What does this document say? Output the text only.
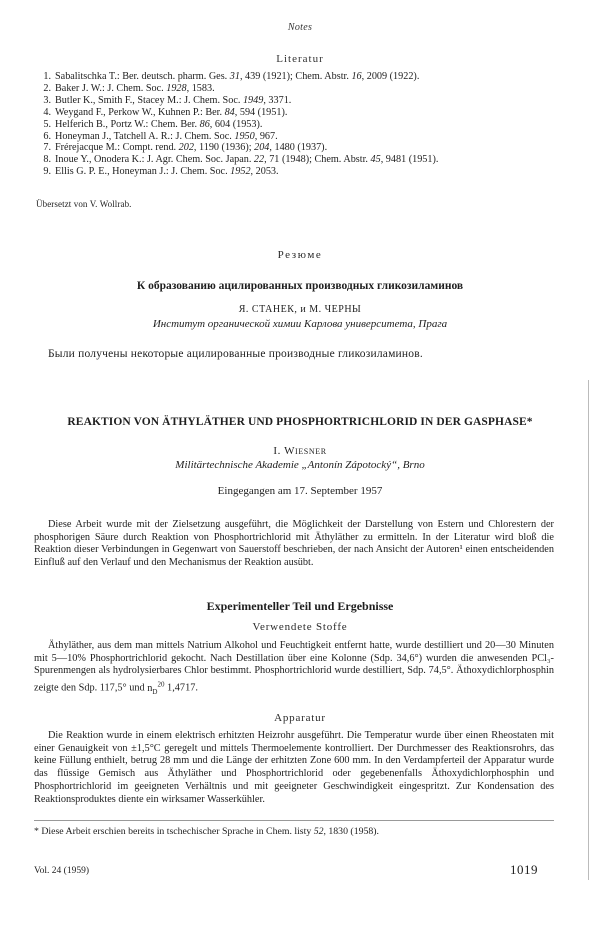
Notes
Literatur
1. Sabalitschka T.: Ber. deutsch. pharm. Ges. 31, 439 (1921); Chem. Abstr. 16, 2009 (1922).
2. Baker J. W.: J. Chem. Soc. 1928, 1583.
3. Butler K., Smith F., Stacey M.: J. Chem. Soc. 1949, 3371.
4. Weygand F., Perkow W., Kuhnen P.: Ber. 84, 594 (1951).
5. Helferich B., Portz W.: Chem. Ber. 86, 604 (1953).
6. Honeyman J., Tatchell A. R.: J. Chem. Soc. 1950, 967.
7. Frérejacque M.: Compt. rend. 202, 1190 (1936); 204, 1480 (1937).
8. Inoue Y., Onodera K.: J. Agr. Chem. Soc. Japan. 22, 71 (1948); Chem. Abstr. 45, 9481 (1951).
9. Ellis G. P. E., Honeyman J.: J. Chem. Soc. 1952, 2053.
Übersetzt von V. Wollrab.
Резюме
К образованию ацилированных производных гликозиламинов
Я. СТАНЕК, и М. ЧЕРНЫ
Институт органической химии Карлова университета, Прага
Были получены некоторые ацилированные производные гликозиламинов.
REAKTION VON ÄTHYLÄTHER UND PHOSPHORTRICHLORID IN DER GASPHASE*
I. Wiesner
Militärtechnische Akademie „Antonín Zápotocký“, Brno
Eingegangen am 17. September 1957

Diese Arbeit wurde mit der Zielsetzung ausgeführt, die Möglichkeit der Darstellung von Estern und Chlorestern der phosphorigen Säure durch Reaktion von Phosphortrichlorid mit Äthyläther zu ermitteln. In der Literatur wird bloß die Reaktion dieser Verbindungen in Gegenwart von Sauerstoff beschrieben, der nach Ansicht der Autoren¹ einen entscheidenden Einfluß auf den Verlauf und den Mechanismus der Reaktion ausübt.

Experimenteller Teil und Ergebnisse
Verwendete Stoffe

Äthyläther, aus dem man mittels Natrium Alkohol und Feuchtigkeit entfernt hatte, wurde destilliert und 20—30 Minuten mit 5—10% Phosphortrichlorid gekocht. Nach Destillation über eine Kolonne (Sdp. 34,6°) wurden die anwesenden PCl₃-Spurenmengen als hydrolysierbares Chlor bestimmt. Phosphortrichlorid wurde destilliert, Sdp. 74,5°. Äthoxydichlorphosphin zeigte den Sdp. 117,5° und $n_D^{20}$ 1,4717.

Apparatur

Die Reaktion wurde in einem elektrisch erhitzten Heizrohr ausgeführt. Die Temperatur wurde über einen Rheostaten mit einer Genauigkeit von ±1,5°C geregelt und mittels Thermoelemente kontrolliert. Der Durchmesser des Reaktionsrohrs, das keine Füllung enthielt, betrug 28 mm und die Länge der erhitzten Zone 600 mm. In den Verdampferteil der Apparatur wurde das flüssige Gemisch aus Äthyläther und Phosphortrichlorid oder gegebenenfalls Äthoxydichlorphosphin und Phosphortrichlorid im geeigneten Verhältnis und mit geeigneter Geschwindigkeit eingespritzt. Zur Kondensation des Reaktionsproduktes diente ein wirksamer Wasserkühler.

* Diese Arbeit erschien bereits in tschechischer Sprache in Chem. listy 52, 1830 (1958).
Vol. 24 (1959)	1019
